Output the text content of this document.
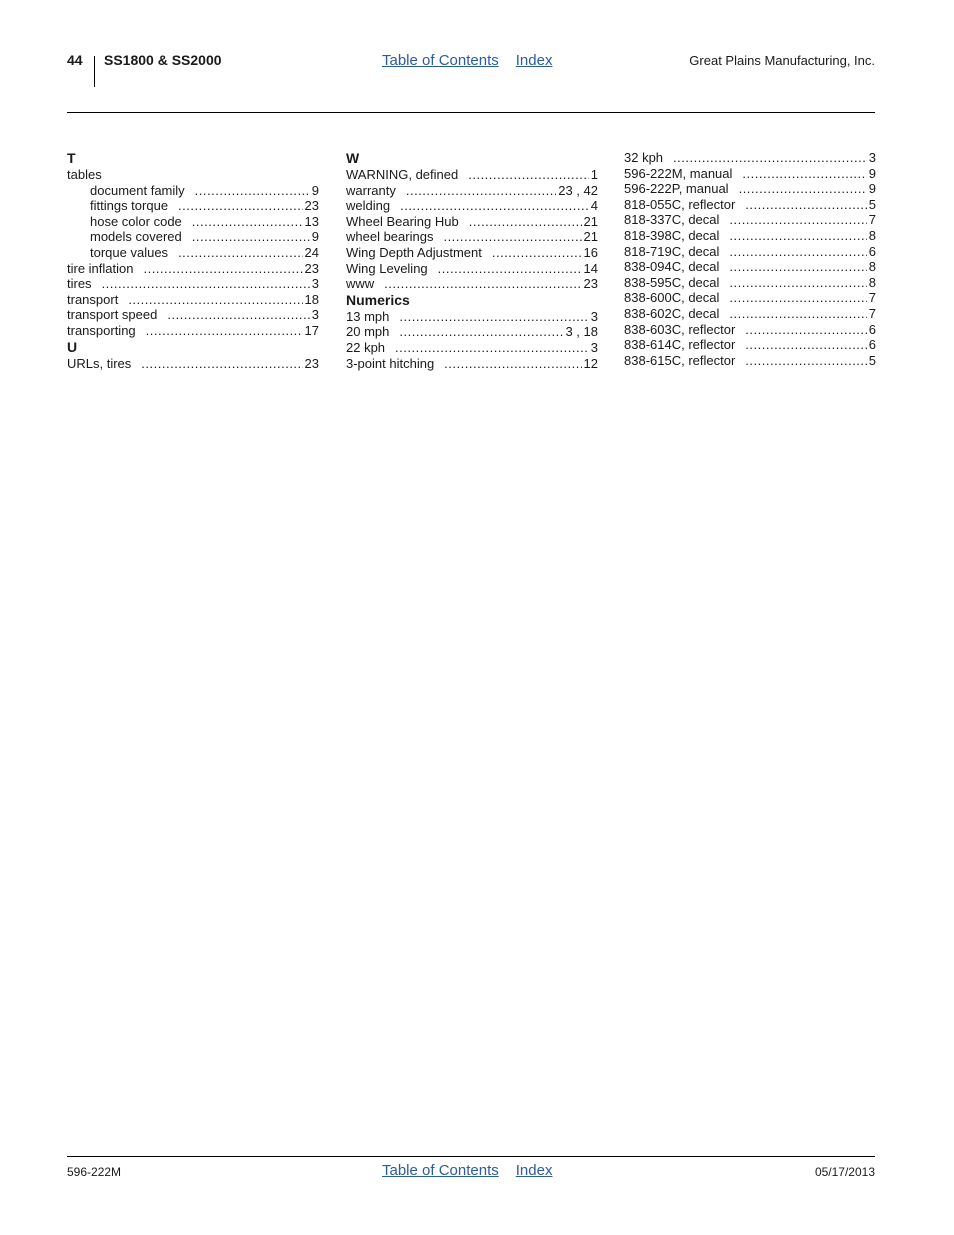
44 SS1800 & SS2000	Table of Contents Index	Great Plains Manufacturing, Inc.
T
tables
document family .....	9
fittings torque .....	23
hose color code .....	13
models covered .....	9
torque values .....	24
tire inflation .....	23
tires .....	3
transport .....	18
transport speed .....	3
transporting .....	17
U
URLs, tires .....	23
W
WARNING, defined .....	1
warranty .....	23 , 42
welding .....	4
Wheel Bearing Hub .....	21
wheel bearings .....	21
Wing Depth Adjustment .....	16
Wing Leveling .....	14
www .....	23
Numerics
13 mph .....	3
20 mph .....	3 , 18
22 kph .....	3
3-point hitching .....	12
32 kph .....	3
596-222M, manual .....	9
596-222P, manual .....	9
818-055C, reflector .....	5
818-337C, decal .....	7
818-398C, decal .....	8
818-719C, decal .....	6
838-094C, decal .....	8
838-595C, decal .....	8
838-600C, decal .....	7
838-602C, decal .....	7
838-603C, reflector .....	6
838-614C, reflector .....	6
838-615C, reflector .....	5
596-222M	Table of Contents Index	05/17/2013
